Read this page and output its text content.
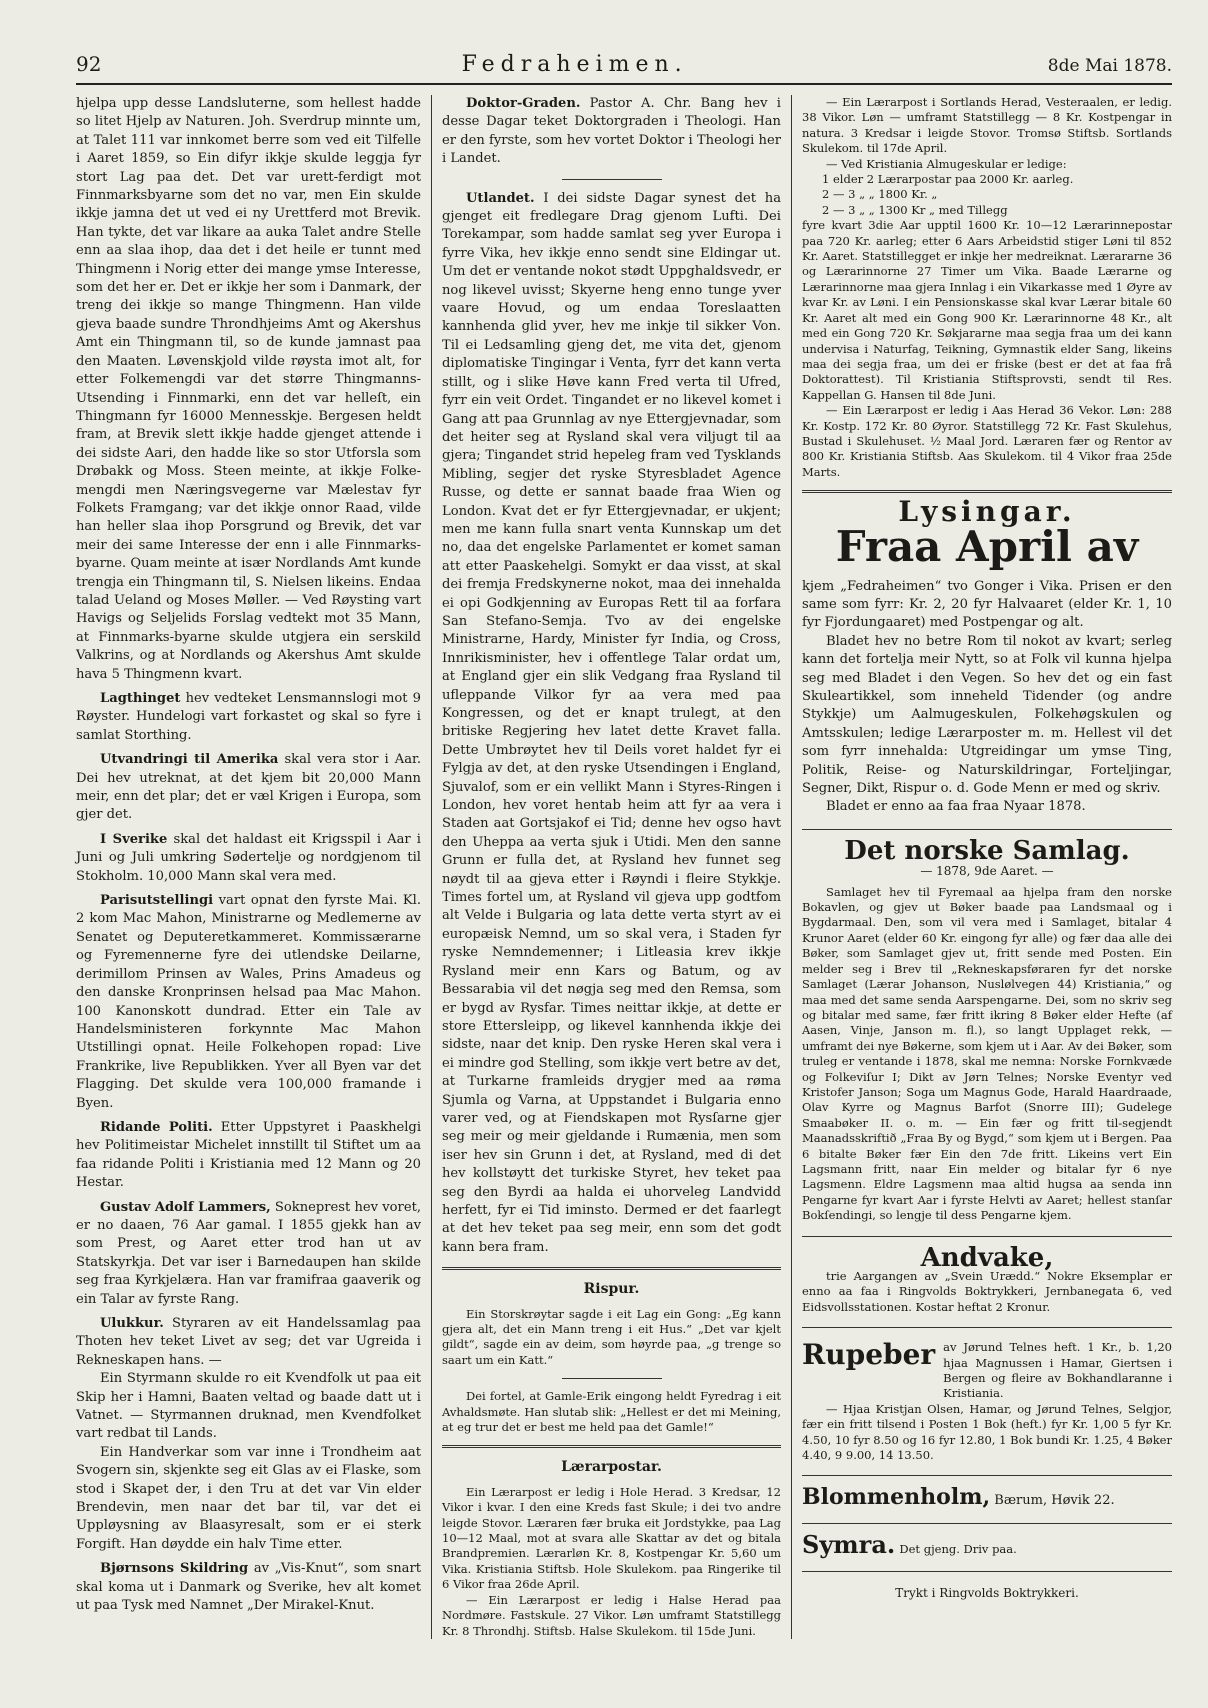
92	Fedraheimen.	8de Mai 1878.

hjelpa upp desse Landsluterne, som hellest hadde so litet Hjelp av Naturen. Joh. Sverdrup minnte um, at Talet 111 var innkomet berre som ved eit Tilfelle i Aaret 1859, so Ein difyr ikkje skulde leggja fyr stort Lag paa det. Det var urett-ferdigt mot Finnmarksbyarne som det no var, men Ein skulde ikkje jamna det ut ved ei ny Urettferd mot Brevik. Han tykte, det var likare aa auka Talet andre Stelle enn aa slaa ihop, daa det i det heile er tunnt med Thingmenn i Norig etter dei mange ymse Interesse, som det her er. Det er ikkje her som i Danmark, der treng dei ikkje so mange Thingmenn. Han vilde gjeva baade sundre Throndhjeims Amt og Akershus Amt ein Thingmann til, so de kunde jamnast paa den Maaten. Løvenskjold vilde røysta imot alt, for etter Folkemengdi var det større Thingmanns-Utsending i Finnmarki, enn det var helleſt, ein Thingmann fyr 16000 Mennesskje. Bergesen heldt fram, at Brevik slett ikkje hadde gjenget attende i dei sidste Aari, den hadde like so stor Utforsla som Drøbakk og Moss. Steen meinte, at ikkje Folke-mengdi men Næringsvegerne var Mælestav fyr Folkets Framgang; var det ikkje onnor Raad, vilde han heller slaa ihop Porsgrund og Brevik, det var meir dei same Interesse der enn i alle Finnmarks-byarne. Quam meinte at især Nordlands Amt kunde trengja ein Thingmann til, S. Nielsen likeins. Endaa talad Ueland og Moses Møller. — Ved Røysting vart Havigs og Seljelids Forslag vedtekt mot 35 Mann, at Finnmarks-byarne skulde utgjera ein serskild Valkrins, og at Nordlands og Akershus Amt skulde hava 5 Thingmenn kvart.

Lagthinget hev vedteket Lensmannslogi mot 9 Røyster. Hundelogi vart forkastet og skal so fyre i samlat Storthing.

Utvandringi til Amerika skal vera stor i Aar. Dei hev utreknat, at det kjem bit 20,000 Mann meir, enn det plar; det er væl Krigen i Europa, som gjer det.

I Sverike skal det haldast eit Krigsspil i Aar i Juni og Juli umkring Sødertelje og nordgjenom til Stokholm. 10,000 Mann skal vera med.

Parisutstellingi vart opnat den fyrste Mai. Kl. 2 kom Mac Mahon, Ministrarne og Medlemerne av Senatet og Deputeretkammeret. Kommissærarne og Fyremennerne fyre dei utlendske Deilarne, derimillom Prinsen av Wales, Prins Amadeus og den danske Kronprinsen helsad paa Mac Mahon. 100 Kanonskott dundrad. Etter ein Tale av Handelsministeren forkynnte Mac Mahon Utstillingi opnat. Heile Folkehopen ropad: Live Frankrike, live Republikken. Yver all Byen var det Flagging. Det skulde vera 100,000 framande i Byen.

Ridande Politi. Etter Uppstyret i Paaskhelgi hev Politimeistar Michelet innstillt til Stiftet um aa faa ridande Politi i Kristiania med 12 Mann og 20 Hestar.

Gustav Adolf Lammers, Sokneprest hev voret, er no daaen, 76 Aar gamal. I 1855 gjekk han av som Prest, og Aaret etter trod han ut av Statskyrkja. Det var iser i Barnedaupen han skilde seg fraa Kyrkjelæra. Han var framifraa gaaverik og ein Talar av fyrste Rang.

Ulukkur. Styraren av eit Handelssamlag paa Thoten hev teket Livet av seg; det var Ugreida i Rekneskapen hans. —

Ein Styrmann skulde ro eit Kvendfolk ut paa eit Skip her i Hamni, Baaten veltad og baade datt ut i Vatnet. — Styrmannen druknad, men Kvendfolket vart redbat til Lands.

Ein Handverkar som var inne i Trondheim aat Svogern sin, skjenkte seg eit Glas av ei Flaske, som stod i Skapet der, i den Tru at det var Vin elder Brendevin, men naar det bar til, var det ei Uppløysning av Blaasyresalt, som er ei sterk Forgift. Han døydde ein halv Time etter.

Bjørnsons Skildring av „Vis-Knut“, som snart skal koma ut i Danmark og Sverike, hev alt komet ut paa Tysk med Namnet „Der Mirakel-Knut.

Doktor-Graden. Pastor A. Chr. Bang hev i desse Dagar teket Doktorgraden i Theologi. Han er den fyrste, som hev vortet Doktor i Theologi her i Landet.

Utlandet. I dei sidste Dagar synest det ha gjenget eit fredlegare Drag gjenom Lufti. Dei Torekampar, som hadde samlat seg yver Europa i fyrre Vika, hev ikkje enno sendt sine Eldingar ut. Um det er ventande nokot stødt Uppghaldsvedr, er nog likevel uvisst; Skyerne heng enno tunge yver vaare Hovud, og um endaa Toreslaatten kannhenda glid yver, hev me inkje til sikker Von. Til ei Ledsamling gjeng det, me vita det, gjenom diplomatiske Tingingar i Venta, fyrr det kann verta stillt, og i slike Høve kann Fred verta til Ufred, fyrr ein veit Ordet. Tingandet er no likevel komet i Gang att paa Grunnlag av nye Ettergjevnadar, som det heiter seg at Rysland skal vera viljugt til aa gjera; Tingandet strid hepeleg fram ved Tysklands Mibling, segjer det ryske Styresbladet Agence Russe, og dette er sannat baade fraa Wien og London. Kvat det er fyr Ettergjevnadar, er ukjent; men me kann fulla snart venta Kunnskap um det no, daa det engelske Parlamentet er komet saman att etter Paaskehelgi. Somykt er daa visst, at skal dei fremja Fredskynerne nokot, maa dei innehalda ei opi Godkjenning av Europas Rett til aa forfara San Stefano-Semja. Tvo av dei engelske Ministrarne, Hardy, Minister fyr India, og Cross, Innrikisminister, hev i offentlege Talar ordat um, at England gjer ein slik Vedgang fraa Rysland til ufleppande Vilkor fyr aa vera med paa Kongressen, og det er knapt trulegt, at den britiske Regjering hev latet dette Kravet falla. Dette Umbrøytet hev til Deils voret haldet fyr ei Fylgja av det, at den ryske Utsendingen i England, Sjuvalof, som er ein vellikt Mann i Styres-Ringen i London, hev voret hentab heim att fyr aa vera i Staden aat Gortsjakof ei Tid; denne hev ogso havt den Uheppa aa verta sjuk i Utidi. Men den sanne Grunn er fulla det, at Rysland hev funnet seg nøydt til aa gjeva etter i Røyndi i fleire Stykkje. Times fortel um, at Rysland vil gjeva upp godtfom alt Velde i Bulgaria og lata dette verta styrt av ei europæisk Nemnd, um so skal vera, i Staden fyr ryske Nemndemenner; i Litleasia krev ikkje Rysland meir enn Kars og Batum, og av Bessarabia vil det nøgja seg med den Remsa, som er bygd av Rysfar. Times neittar ikkje, at dette er store Ettersleipp, og likevel kannhenda ikkje dei sidste, naar det knip. Den ryske Heren skal vera i ei mindre god Stelling, som ikkje vert betre av det, at Turkarne framleids drygjer med aa røma Sjumla og Varna, at Uppstandet i Bulgaria enno varer ved, og at Fiendskapen mot Rysſarne gjer seg meir og meir gjeldande i Rumænia, men som iser hev sin Grunn i det, at Rysland, med di det hev kollstøytt det turkiske Styret, hev teket paa seg den Byrdi aa halda ei uhorveleg Landvidd herfett, fyr ei Tid iminsto. Dermed er det faarlegt at det hev teket paa seg meir, enn som det godt kann bera fram.

Rispur.

Ein Storskrøytar sagde i eit Lag ein Gong: „Eg kann gjera alt, det ein Mann treng i eit Hus.“ „Det var kjelt gildt“, sagde ein av deim, som høyrde paa, „g trenge so saart um ein Katt.“

Dei fortel, at Gamle-Erik eingong heldt Fyredrag i eit Avhaldsmøte. Han slutab slik: „Hellest er det mi Meining, at eg trur det er best me held paa det Gamle!“

Lærarpostar.

Ein Lærarpost er ledig i Hole Herad. 3 Kredsar, 12 Vikor i kvar. I den eine Kreds fast Skule; i dei tvo andre leigde Stovor. Læraren fær bruka eit Jordstykke, paa Lag 10—12 Maal, mot at svara alle Skattar av det og bitala Brandpremien. Lærarløn Kr. 8, Kostpengar Kr. 5,60 um Vika. Kristiania Stiftsb. Hole Skulekom. paa Ringerike til 6 Vikor fraa 26de April.

— Ein Lærarpost er ledig i Halse Herad paa Nordmøre. Fastskule. 27 Vikor. Løn umframt Statstillegg Kr. 8 Throndhj. Stiftsb. Halse Skulekom. til 15de Juni.

— Ein Lærarpost i Sortlands Herad, Vesteraalen, er ledig. 38 Vikor. Løn — umframt Statstillegg — 8 Kr. Kostpengar in natura. 3 Kredsar i leigde Stovor. Tromsø Stiftsb. Sortlands Skulekom. til 17de April.

— Ved Kristiania Almugeskular er ledige:

1 elder 2 Lærarpostar paa 2000 Kr. aarleg.
2 — 3 „ „ 1800 Kr. „
2 — 3 „ „ 1300 Kr „ med Tillegg

fyre kvart 3die Aar upptil 1600 Kr. 10—12 Lærarinnepostar paa 720 Kr. aarleg; etter 6 Aars Arbeidstid stiger Løni til 852 Kr. Aaret. Statstillegget er inkje her medreiknat. Lærararne 36 og Lærarinnorne 27 Timer um Vika. Baade Lærarne og Lærarinnorne maa gjera Innlag i ein Vikarkasse med 1 Øyre av kvar Kr. av Løni. I ein Pensionskasse skal kvar Lærar bitale 60 Kr. Aaret alt med ein Gong 900 Kr. Lærarinnorne 48 Kr., alt med ein Gong 720 Kr. Søkjararne maa segja fraa um dei kann undervisa i Naturfag, Teikning, Gymnastik elder Sang, likeins maa dei segja fraa, um dei er friske (best er det at faa frå Doktorattest). Til Kristiania Stiftsprovsti, sendt til Res. Kappellan G. Hansen til 8de Juni.

— Ein Lærarpost er ledig i Aas Herad 36 Vekor. Løn: 288 Kr. Kostp. 172 Kr. 80 Øyror. Statstillegg 72 Kr. Fast Skulehus, Bustad i Skulehuset. ½ Maal Jord. Læraren fær og Rentor av 800 Kr. Kristiania Stiftsb. Aas Skulekom. til 4 Vikor fraa 25de Marts.

Lysingar.
Fraa April av

kjem „Fedraheimen“ tvo Gonger i Vika. Prisen er den same som fyrr: Kr. 2, 20 fyr Halvaaret (elder Kr. 1, 10 fyr Fjordungaaret) med Postpengar og alt.

Bladet hev no betre Rom til nokot av kvart; serleg kann det fortelja meir Nytt, so at Folk vil kunna hjelpa seg med Bladet i den Vegen. So hev det og ein fast Skuleartikkel, som inneheld Tidender (og andre Stykkje) um Aalmugeskulen, Folkehøgskulen og Amtsskulen; ledige Lærarposter m. m. Hellest vil det som fyrr innehalda: Utgreidingar um ymse Ting, Politik, Reise- og Naturskildringar, Forteljingar, Segner, Dikt, Rispur o. d. Gode Menn er med og skriv.

Bladet er enno aa faa fraa Nyaar 1878.

Det norske Samlag.
— 1878, 9de Aaret. —

Samlaget hev til Fyremaal aa hjelpa fram den norske Bokavlen, og gjev ut Bøker baade paa Landsmaal og i Bygdarmaal. Den, som vil vera med i Samlaget, bitalar 4 Krunor Aaret (elder 60 Kr. eingong fyr alle) og fær daa alle dei Bøker, som Samlaget gjev ut, fritt sende med Posten. Ein melder seg i Brev til „Rekneskapsføraren fyr det norske Samlaget (Lærar Johanson, Nuslølvegen 44) Kristiania,“ og maa med det same senda Aarspengarne. Dei, som no skriv seg og bitalar med same, fær fritt ikring 8 Bøker elder Hefte (af Aasen, Vinje, Janson m. fl.), so langt Upplaget rekk, — umframt dei nye Bøkerne, som kjem ut i Aar. Av dei Bøker, som truleg er ventande i 1878, skal me nemna: Norske Fornkvæde og Folkeviſur I; Dikt av Jørn Telnes; Norske Eventyr ved Kristofer Janson; Soga um Magnus Gode, Harald Haardraade, Olav Kyrre og Magnus Barfot (Snorre III); Gudelege Smaabøker II. o. m. — Ein fær og fritt til-segjendt Maanadsskriftið „Fraa By og Bygd,“ som kjem ut i Bergen. Paa 6 bitalte Bøker fær Ein den 7de fritt. Likeins vert Ein Lagsmann fritt, naar Ein melder og bitalar fyr 6 nye Lagsmenn. Eldre Lagsmenn maa altid hugsa aa senda inn Pengarne fyr kvart Aar i fyrste Helvti av Aaret; hellest stanſar Bokſendingi, so lengje til dess Pengarne kjem.

Andvake,

trie Aargangen av „Svein Urædd.“ Nokre Eksemplar er enno aa faa i Ringvolds Boktrykkeri, Jernbanegata 6, ved Eidsvollsstationen. Kostar heftat 2 Kronur.

Rupeber av Jørund Telnes heft. 1 Kr., b. 1,20 hjaa Magnussen i Hamar, Giertsen i Bergen og fleire av Bokhandlaranne i Kristiania.

— Hjaa Kristjan Olsen, Hamar, og Jørund Telnes, Selgjor, fær ein fritt tilsend i Posten 1 Bok (heft.) fyr Kr. 1,00 5 fyr Kr. 4.50, 10 fyr 8.50 og 16 fyr 12.80, 1 Bok bundi Kr. 1.25, 4 Bøker 4.40, 9 9.00, 14 13.50.

Blommenholm, Bærum, Høvik 22.
Symra. Det gjeng. Driv paa.
Trykt i Ringvolds Boktrykkeri.
